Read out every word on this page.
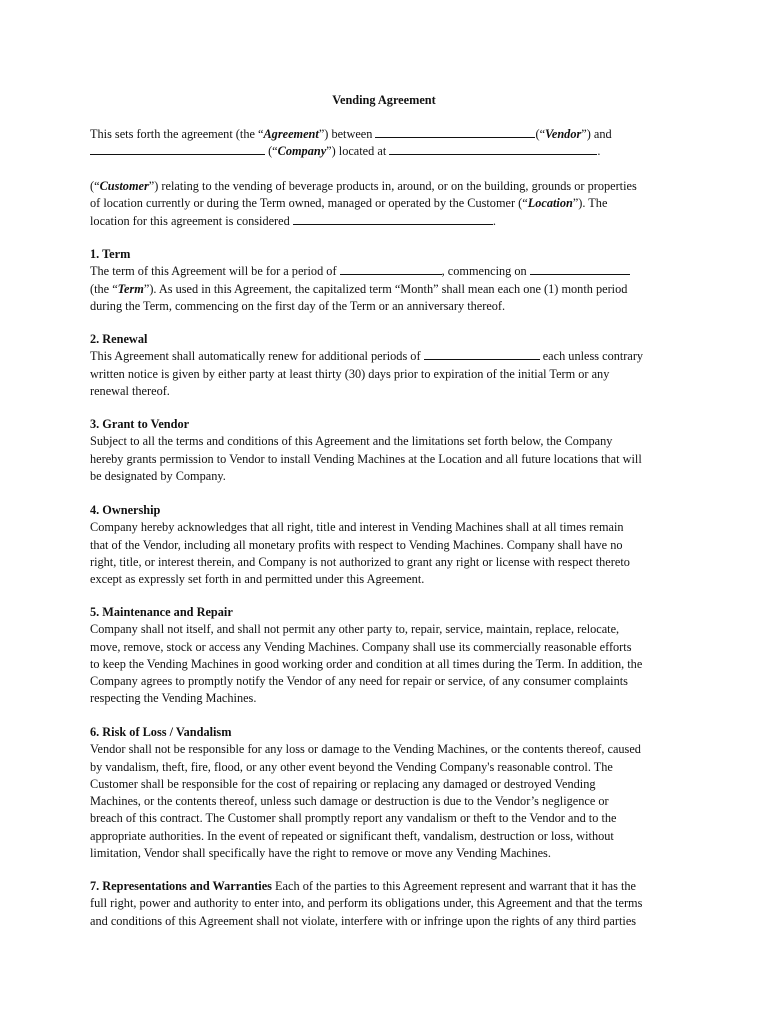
Vending Agreement
This sets forth the agreement (the “Agreement”) between	(“Vendor”) and
(“Company”) located at	.
(“Customer”) relating to the vending of beverage products in, around, or on the building, grounds or properties
of location currently or during the Term owned, managed or operated by the Customer (“Location”). The
location for this agreement is considered	.
1. Term
The term of this Agreement will be for a period of	, commencing on
(the “Term”). As used in this Agreement, the capitalized term “Month” shall mean each one (1) month period
during the Term, commencing on the first day of the Term or an anniversary thereof.
2. Renewal
This Agreement shall automatically renew for additional periods of	each unless contrary
written notice is given by either party at least thirty (30) days prior to expiration of the initial Term or any
renewal thereof.
3. Grant to Vendor
Subject to all the terms and conditions of this Agreement and the limitations set forth below, the Company
hereby grants permission to Vendor to install Vending Machines at the Location and all future locations that will
be designated by Company.
4. Ownership
Company hereby acknowledges that all right, title and interest in Vending Machines shall at all times remain
that of the Vendor, including all monetary profits with respect to Vending Machines. Company shall have no
right, title, or interest therein, and Company is not authorized to grant any right or license with respect thereto
except as expressly set forth in and permitted under this Agreement.
5. Maintenance and Repair
Company shall not itself, and shall not permit any other party to, repair, service, maintain, replace, relocate,
move, remove, stock or access any Vending Machines. Company shall use its commercially reasonable efforts
to keep the Vending Machines in good working order and condition at all times during the Term. In addition, the
Company agrees to promptly notify the Vendor of any need for repair or service, of any consumer complaints
respecting the Vending Machines.
6. Risk of Loss / Vandalism
Vendor shall not be responsible for any loss or damage to the Vending Machines, or the contents thereof, caused
by vandalism, theft, fire, flood, or any other event beyond the Vending Company's reasonable control. The
Customer shall be responsible for the cost of repairing or replacing any damaged or destroyed Vending
Machines, or the contents thereof, unless such damage or destruction is due to the Vendor’s negligence or
breach of this contract. The Customer shall promptly report any vandalism or theft to the Vendor and to the
appropriate authorities. In the event of repeated or significant theft, vandalism, destruction or loss, without
limitation, Vendor shall specifically have the right to remove or move any Vending Machines.
7. Representations and Warranties Each of the parties to this Agreement represent and warrant that it has the
full right, power and authority to enter into, and perform its obligations under, this Agreement and that the terms
and conditions of this Agreement shall not violate, interfere with or infringe upon the rights of any third parties
